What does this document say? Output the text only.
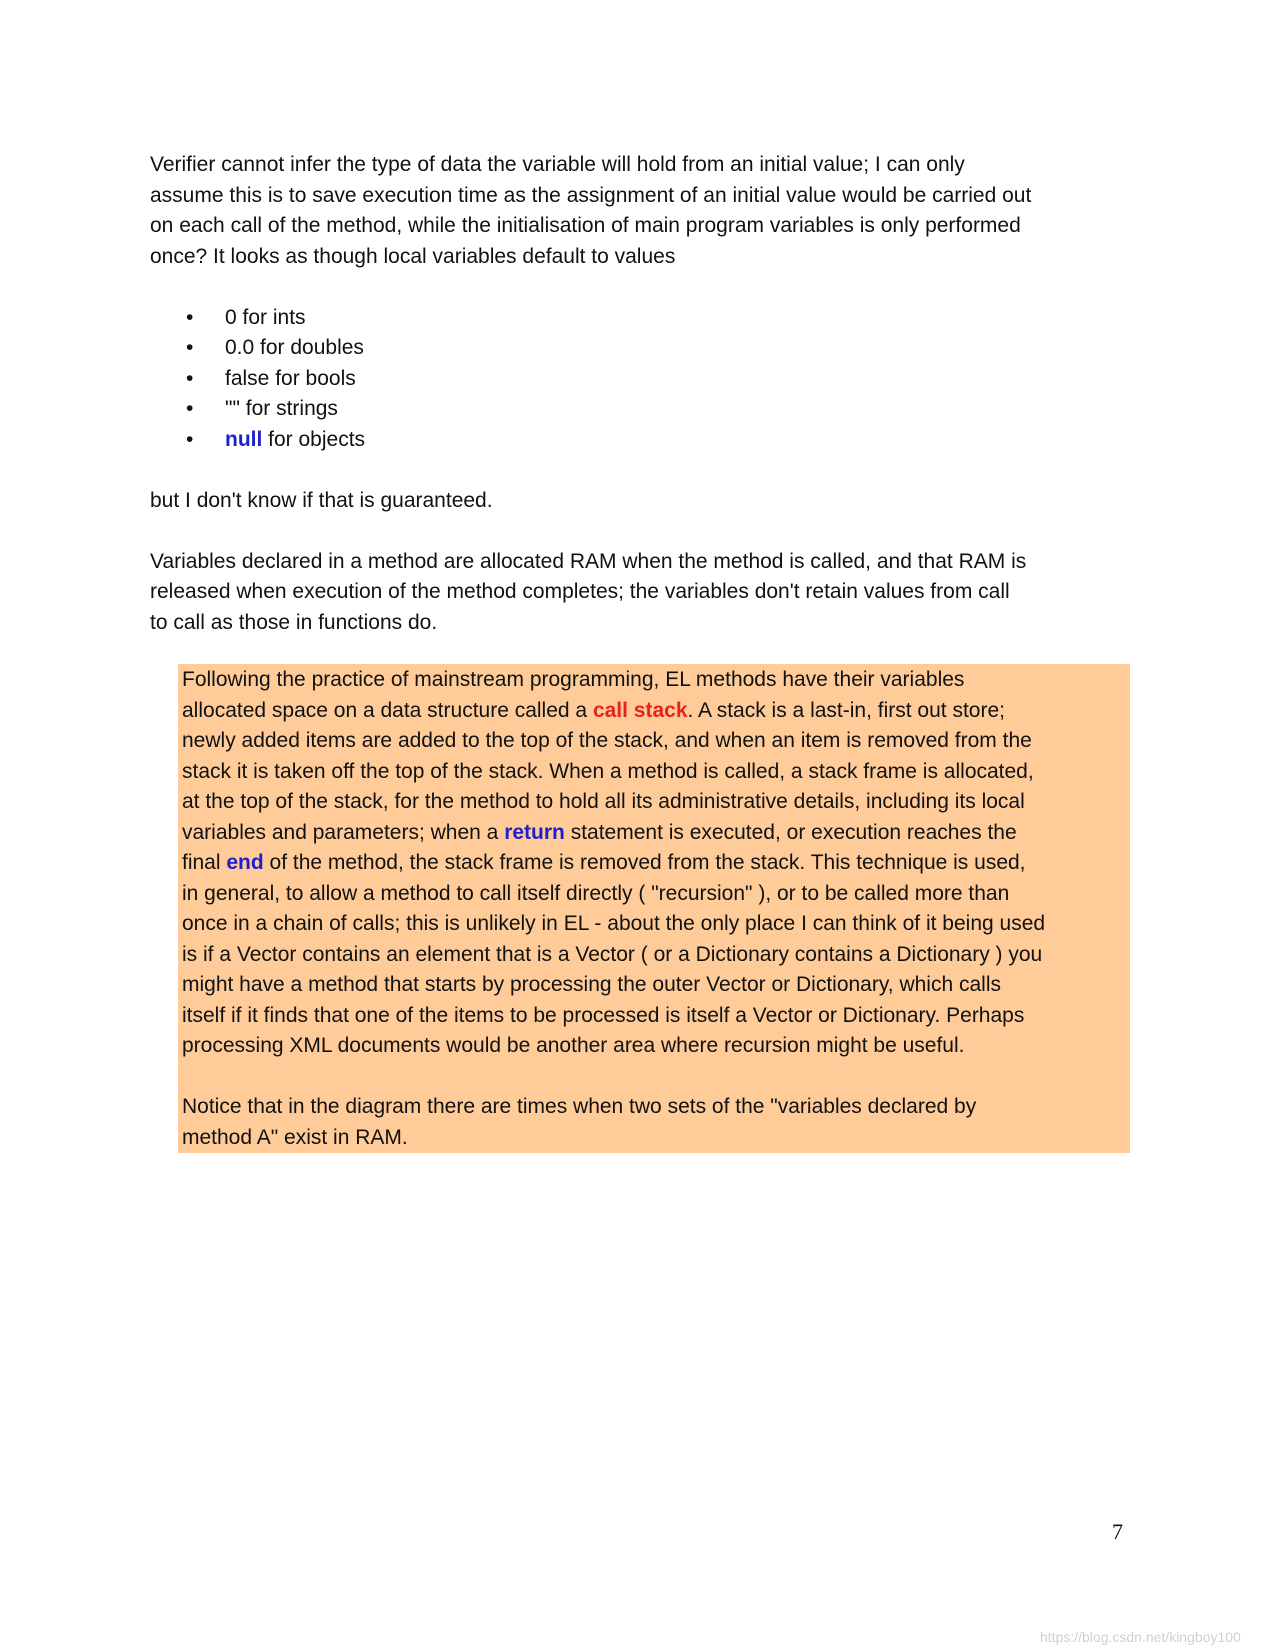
Verifier cannot infer the type of data the variable will hold from an initial value; I can only
assume this is to save execution time as the assignment of an initial value would be carried out
on each call of the method, while the initialisation of main program variables is only performed
once? It looks as though local variables default to values

• 0 for ints
• 0.0 for doubles
• false for bools
• "" for strings
• null for objects

but I don't know if that is guaranteed.

Variables declared in a method are allocated RAM when the method is called, and that RAM is
released when execution of the method completes; the variables don't retain values from call
to call as those in functions do.

Following the practice of mainstream programming, EL methods have their variables
allocated space on a data structure called a call stack. A stack is a last-in, first out store;
newly added items are added to the top of the stack, and when an item is removed from the
stack it is taken off the top of the stack. When a method is called, a stack frame is allocated,
at the top of the stack, for the method to hold all its administrative details, including its local
variables and parameters; when a return statement is executed, or execution reaches the
final end of the method, the stack frame is removed from the stack. This technique is used,
in general, to allow a method to call itself directly ( "recursion" ), or to be called more than
once in a chain of calls; this is unlikely in EL - about the only place I can think of it being used
is if a Vector contains an element that is a Vector ( or a Dictionary contains a Dictionary ) you
might have a method that starts by processing the outer Vector or Dictionary, which calls
itself if it finds that one of the items to be processed is itself a Vector or Dictionary. Perhaps
processing XML documents would be another area where recursion might be useful.

Notice that in the diagram there are times when two sets of the "variables declared by
method A" exist in RAM.

7
https://blog.csdn.net/kingboy100
